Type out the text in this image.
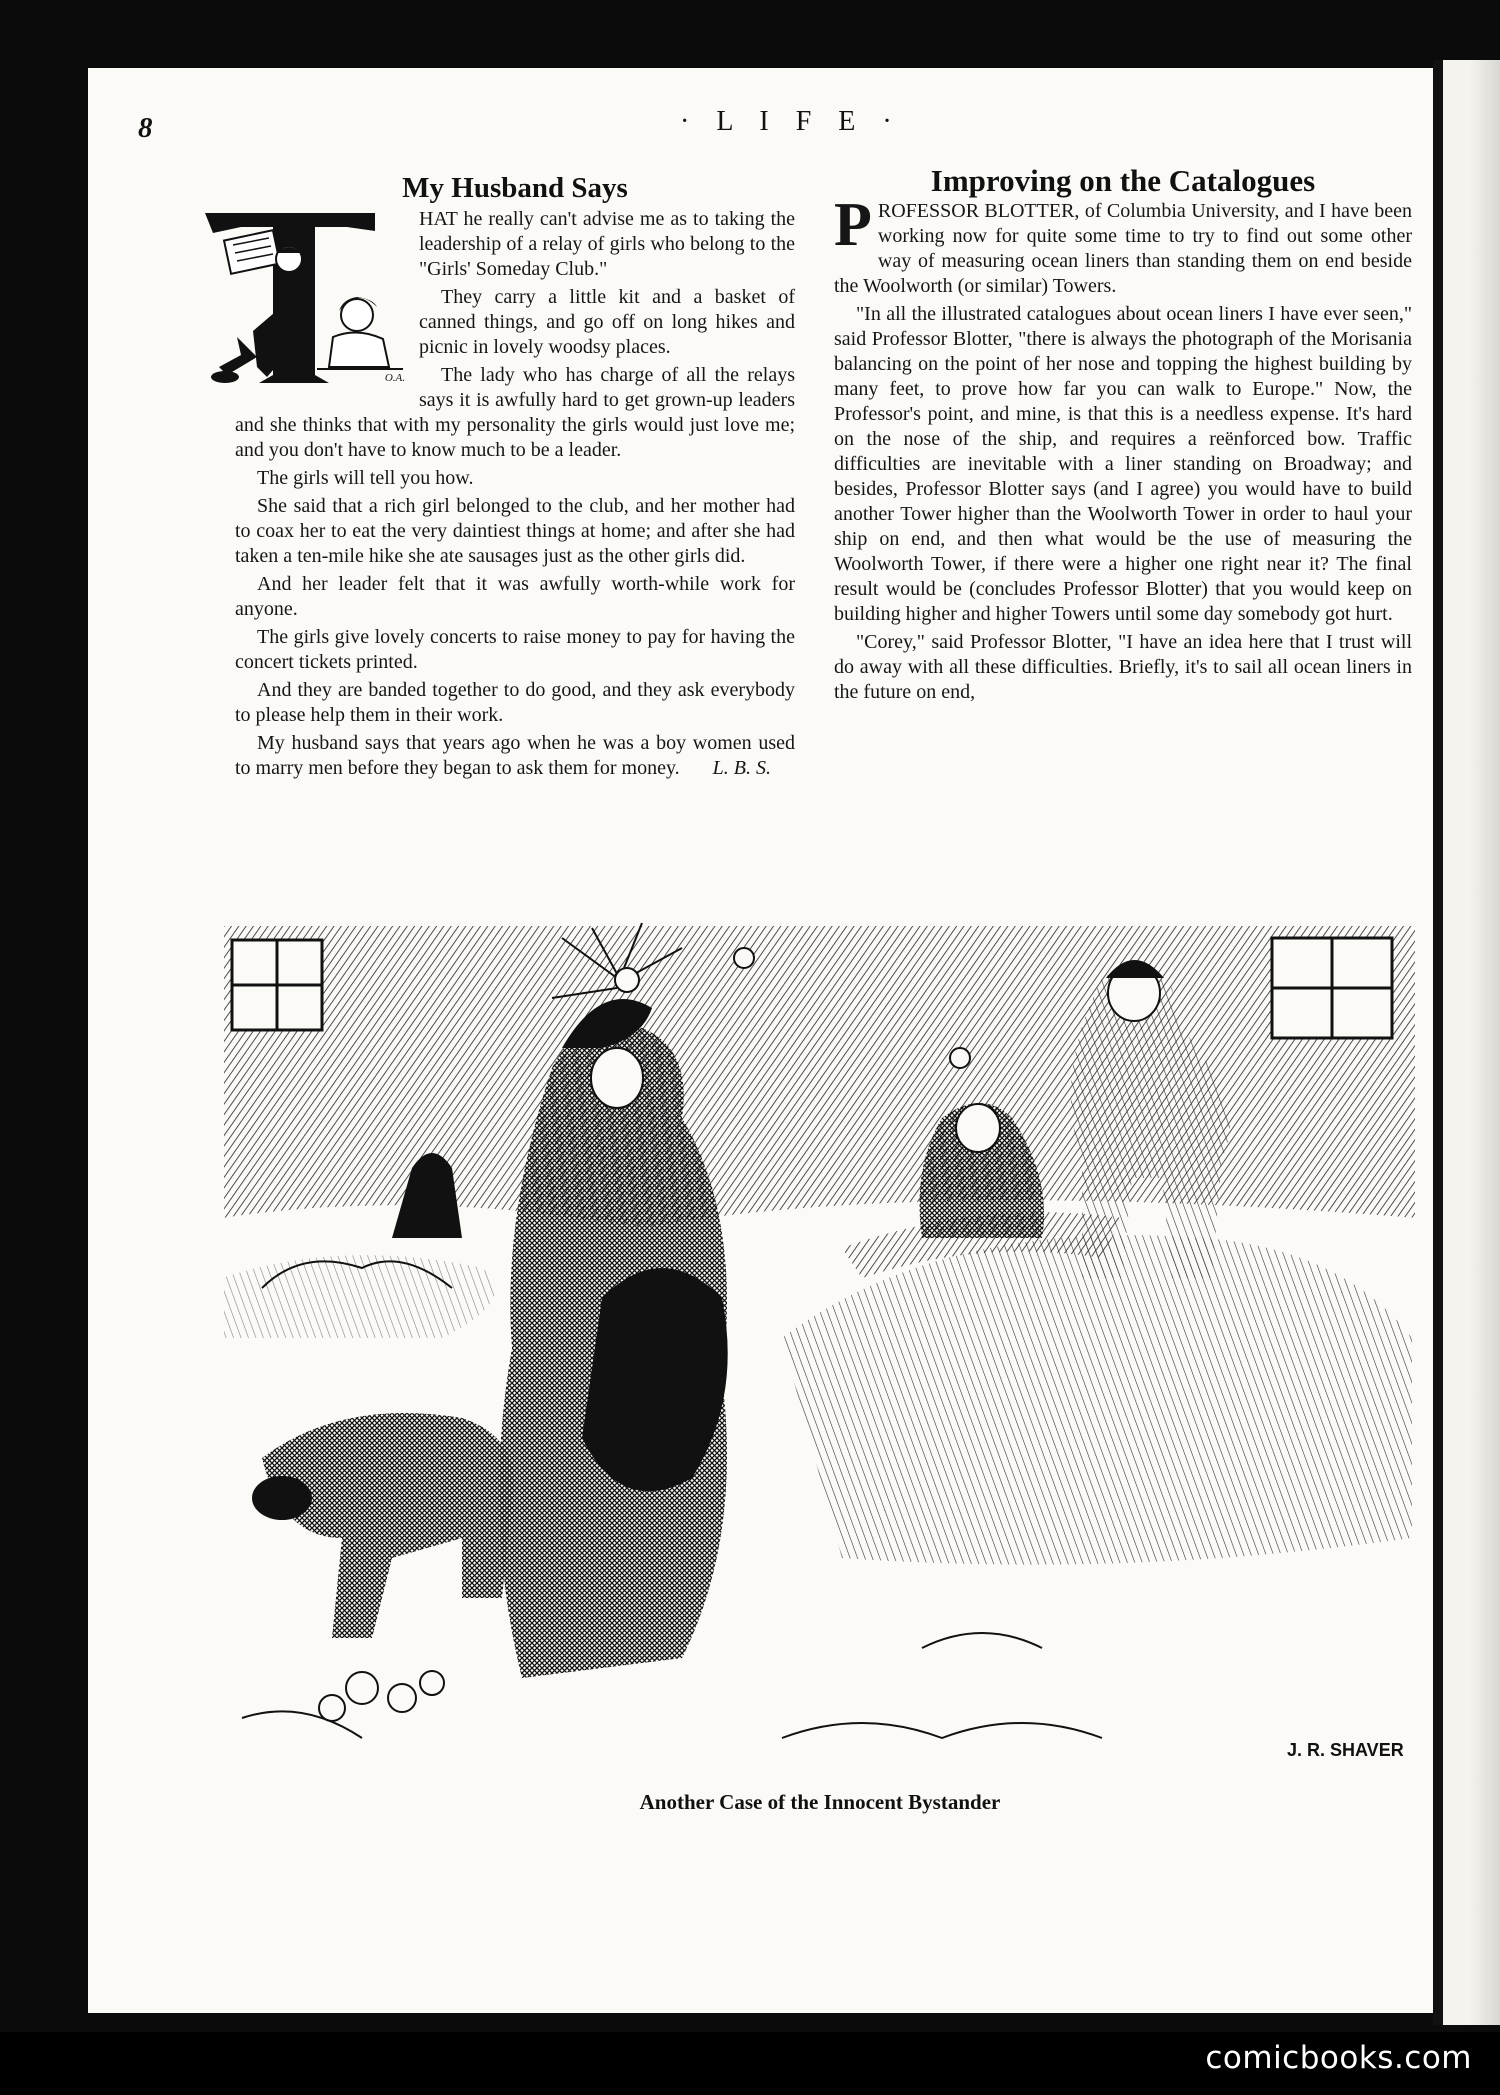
8	· L I F E ·
My Husband Says
O.A.

HAT he really can't advise me as to taking the leadership of a relay of girls who belong to the "Girls' Someday Club."

They carry a little kit and a basket of canned things, and go off on long hikes and picnic in lovely woodsy places.

The lady who has charge of all the relays says it is awfully hard to get grown-up leaders and she thinks that with my personality the girls would just love me; and you don't have to know much to be a leader.

The girls will tell you how.

She said that a rich girl belonged to the club, and her mother had to coax her to eat the very daintiest things at home; and after she had taken a ten-mile hike she ate sausages just as the other girls did.

And her leader felt that it was awfully worth-while work for anyone.

The girls give lovely concerts to raise money to pay for having the concert tickets printed.

And they are banded together to do good, and they ask everybody to please help them in their work.

My husband says that years ago when he was a boy women used to marry men before they began to ask them for money.	L. B. S.

Improving on the Catalogues

PROFESSOR BLOTTER, of Columbia University, and I have been working now for quite some time to try to find out some other way of measuring ocean liners than standing them on end beside the Woolworth (or similar) Towers.

"In all the illustrated catalogues about ocean liners I have ever seen," said Professor Blotter, "there is always the photograph of the Morisania balancing on the point of her nose and topping the highest building by many feet, to prove how far you can walk to Europe." Now, the Professor's point, and mine, is that this is a needless expense. It's hard on the nose of the ship, and requires a reënforced bow. Traffic difficulties are inevitable with a liner standing on Broadway; and besides, Professor Blotter says (and I agree) you would have to build another Tower higher than the Woolworth Tower in order to haul your ship on end, and then what would be the use of measuring the Woolworth Tower, if there were a higher one right near it? The final result would be (concludes Professor Blotter) that you would keep on building higher and higher Towers until some day somebody got hurt.

"Corey," said Professor Blotter, "I have an idea here that I trust will do away with all these difficulties. Briefly, it's to sail all ocean liners in the future on end,

J. R. SHAVER
Another Case of the Innocent Bystander
comicbooks.com
